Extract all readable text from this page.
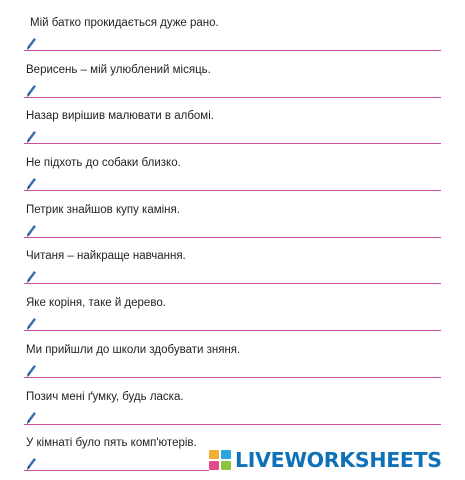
Мій батко прокидається дуже рано.
Верисень – мій улюблений місяць.
Назар вирішив малювати в албомі.
Не підхоть до собаки близко.
Петрик знайшов купу каміня.
Читаня – найкраще навчання.
Яке коріня, таке й дерево.
Ми прийшли до школи здобувати зняня.
Позич мені ґумку, будь ласка.
У кімнаті було пять комп'ютерів.
LIVEWORKSHEETS
